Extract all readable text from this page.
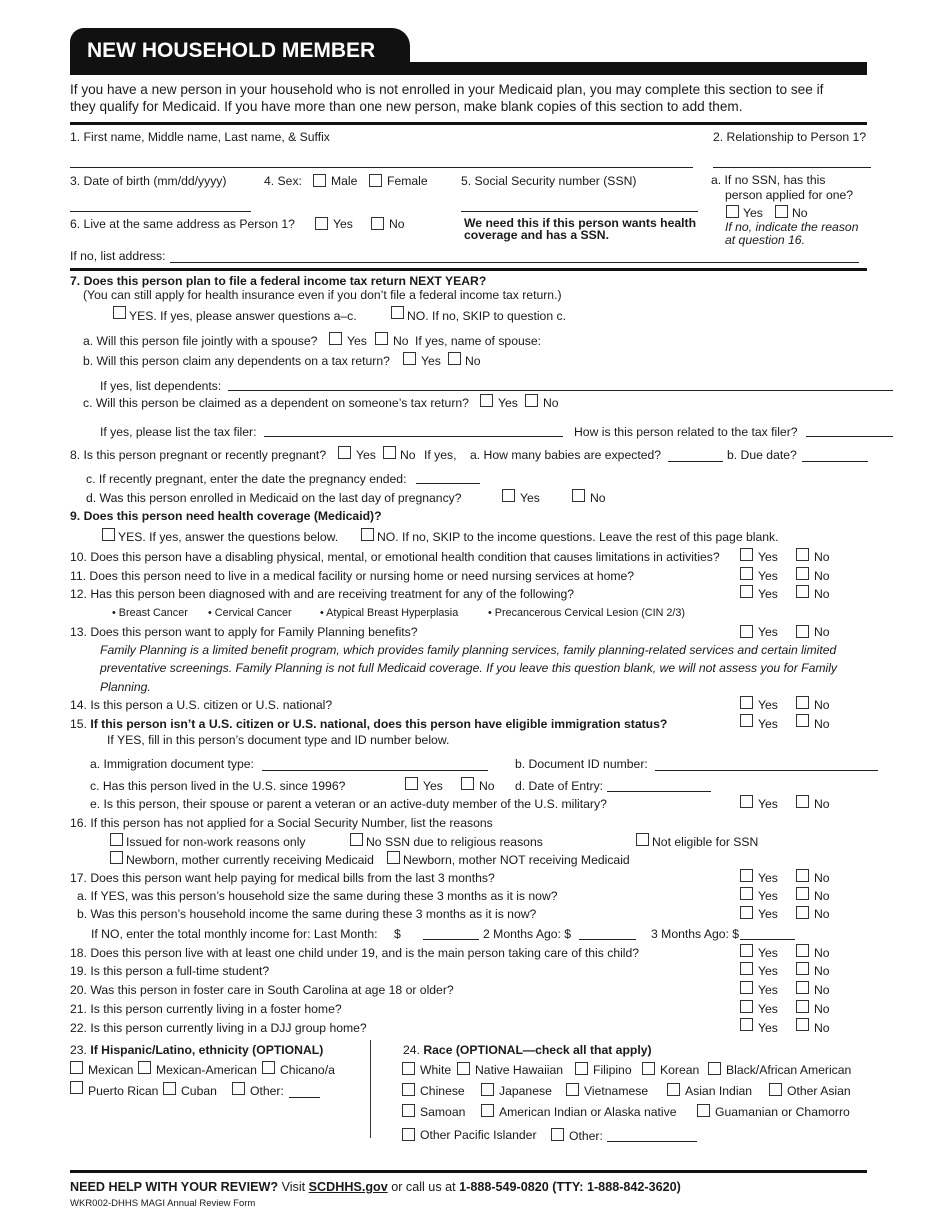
NEW HOUSEHOLD MEMBER
If you have a new person in your household who is not enrolled in your Medicaid plan, you may complete this section to see if
they qualify for Medicaid. If you have more than one new person, make blank copies of this section to add them.
1. First name, Middle name, Last name, & Suffix	2. Relationship to Person 1?
3. Date of birth (mm/dd/yyyy)	4. Sex: Male Female	5. Social Security number (SSN)	a. If no SSN, has this
person applied for one?
Yes No
If no, indicate the reason
at question 16.
6. Live at the same address as Person 1?	Yes	No	We need this if this person wants health
coverage and has a SSN.
If no, list address:
7. Does this person plan to file a federal income tax return NEXT YEAR?
(You can still apply for health insurance even if you don’t file a federal income tax return.)
YES. If yes, please answer questions a–c.	NO. If no, SKIP to question c.
a. Will this person file jointly with a spouse? Yes No If yes, name of spouse:
b. Will this person claim any dependents on a tax return?	Yes No
If yes, list dependents:
c. Will this person be claimed as a dependent on someone’s tax return? Yes No
If yes, please list the tax filer:	How is this person related to the tax filer?
8. Is this person pregnant or recently pregnant? Yes No If yes, a. How many babies are expected?	b. Due date?
c. If recently pregnant, enter the date the pregnancy ended:
d. Was this person enrolled in Medicaid on the last day of pregnancy?	Yes	No
9. Does this person need health coverage (Medicaid)?
YES. If yes, answer the questions below.	NO. If no, SKIP to the income questions. Leave the rest of this page blank.
10. Does this person have a disabling physical, mental, or emotional health condition that causes limitations in activities?	Yes	No
11. Does this person need to live in a medical facility or nursing home or need nursing services at home?	Yes	No
12. Has this person been diagnosed with and are receiving treatment for any of the following?	Yes	No
• Breast Cancer • Cervical Cancer	• Atypical Breast Hyperplasia	• Precancerous Cervical Lesion (CIN 2/3)
13. Does this person want to apply for Family Planning benefits?	Yes	No
Family Planning is a limited benefit program, which provides family planning services, family planning-related services and certain limited
preventative screenings. Family Planning is not full Medicaid coverage. If you leave this question blank, we will not assess you for Family
Planning.
14. Is this person a U.S. citizen or U.S. national?	Yes	No
15. If this person isn’t a U.S. citizen or U.S. national, does this person have eligible immigration status?	Yes	No
If YES, fill in this person’s document type and ID number below.
a. Immigration document type:	b. Document ID number:
c. Has this person lived in the U.S. since 1996?	Yes	No d. Date of Entry:
e. Is this person, their spouse or parent a veteran or an active-duty member of the U.S. military?	Yes	No
16. If this person has not applied for a Social Security Number, list the reasons
Issued for non-work reasons only	No SSN due to religious reasons	Not eligible for SSN
Newborn, mother currently receiving Medicaid Newborn, mother NOT receiving Medicaid
17. Does this person want help paying for medical bills from the last 3 months?	Yes	No
a. If YES, was this person’s household size the same during these 3 months as it is now?	Yes	No
b. Was this person’s household income the same during these 3 months as it is now?	Yes	No
If NO, enter the total monthly income for: Last Month: $	2 Months Ago: $	3 Months Ago: $
18. Does this person live with at least one child under 19, and is the main person taking care of this child?	Yes	No
19. Is this person a full-time student?	Yes	No
20. Was this person in foster care in South Carolina at age 18 or older?	Yes	No
21. Is this person currently living in a foster home?	Yes	No
22. Is this person currently living in a DJJ group home?	Yes	No
23. If Hispanic/Latino, ethnicity (OPTIONAL)
Mexican Mexican-American Chicano/a
Puerto Rican Cuban	Other:
24. Race (OPTIONAL—check all that apply)
White Native Hawaiian Filipino Korean Black/African American
Chinese	Japanese	Vietnamese	Asian Indian	Other Asian
Samoan	American Indian or Alaska native	Guamanian or Chamorro
Other Pacific Islander	Other:
NEED HELP WITH YOUR REVIEW? Visit SCDHHS.gov or call us at 1-888-549-0820 (TTY: 1-888-842-3620)
WKR002-DHHS MAGI Annual Review Form
